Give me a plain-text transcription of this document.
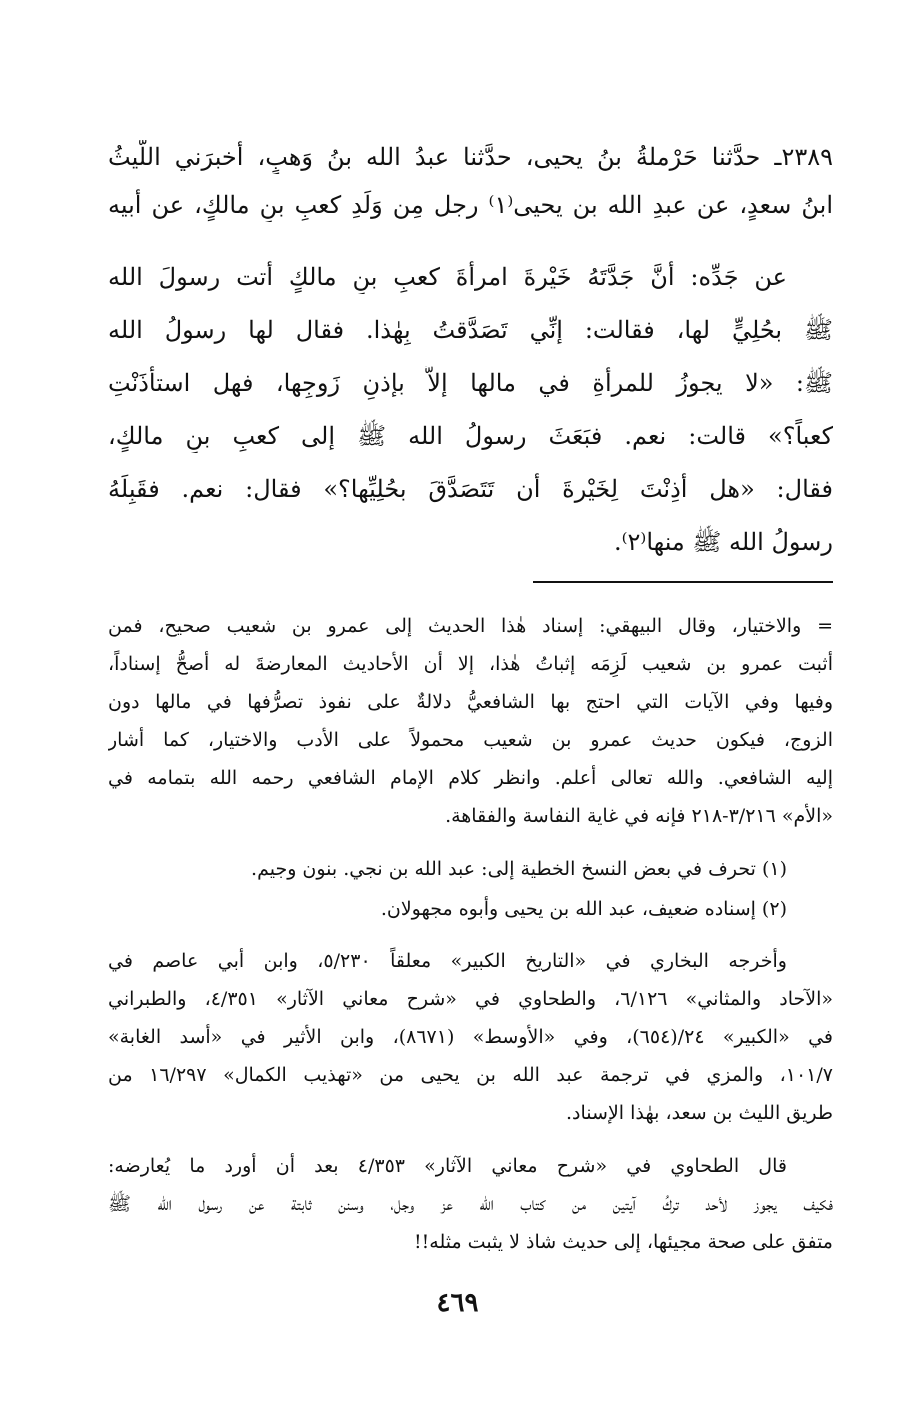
٢٣٨٩ـ حدَّثنا حَرْملةُ بنُ يحيى، حدَّثنا عبدُ الله بنُ وَهبٍ، أخبرَني اللَّيثُ
ابنُ سعدٍ، عن عبدِ الله بن يحيى⁽١⁾ رجل مِن وَلَدِ كعبِ بنِ مالكٍ، عن أبيه
عن جَدِّه: أنَّ جَدَّتَهُ خَيْرةَ امرأةَ كعبِ بنِ مالكٍ أتت رسولَ الله
ﷺ بحُلِيٍّ لها، فقالت: إنِّي تَصَدَّقتُ بِهٰذا. فقال لها رسولُ الله
ﷺ: «لا يجوزُ للمرأةِ في مالها إلاَّ بإذنِ زَوجِها، فهل استأذَنْتِ
كعباً؟» قالت: نعم. فبَعَثَ رسولُ الله ﷺ إلى كعبِ بنِ مالكٍ،
فقال: «هل أذِنْتَ لِخَيْرةَ أن تَتَصَدَّقَ بحُلِيِّها؟» فقال: نعم. فقَبِلَهُ
رسولُ الله ﷺ منها⁽٢⁾.
= والاختيار، وقال البيهقي: إسناد هٰذا الحديث إلى عمرو بن شعيب صحيح، فمن
أثبت عمرو بن شعيب لَزِمَه إثباتُ هٰذا، إلا أن الأحاديث المعارضةَ له أصحُّ إسناداً،
وفيها وفي الآيات التي احتج بها الشافعيُّ دلالةٌ على نفوذ تصرُّفها في مالها دون
الزوج، فيكون حديث عمرو بن شعيب محمولاً على الأدب والاختيار، كما أشار
إليه الشافعي. والله تعالى أعلم. وانظر كلام الإمام الشافعي رحمه الله بتمامه في
«الأم» ٣/٢١٦-٢١٨ فإنه في غاية النفاسة والفقاهة.
(١) تحرف في بعض النسخ الخطية إلى: عبد الله بن نجي. بنون وجيم.
(٢) إسناده ضعيف، عبد الله بن يحيى وأبوه مجهولان.
وأخرجه البخاري في «التاريخ الكبير» معلقاً ٥/٢٣٠، وابن أبي عاصم في
«الآحاد والمثاني» ٦/١٢٦، والطحاوي في «شرح معاني الآثار» ٤/٣٥١، والطبراني
في «الكبير» ٢٤/(٦٥٤)، وفي «الأوسط» (٨٦٧١)، وابن الأثير في «أسد الغابة»
١٠١/٧، والمزي في ترجمة عبد الله بن يحيى من «تهذيب الكمال» ١٦/٢٩٧ من
طريق الليث بن سعد، بهٰذا الإسناد.
قال الطحاوي في «شرح معاني الآثار» ٤/٣٥٣ بعد أن أورد ما يُعارضه:
فكيف يجوز لأحد تركُ آيتين من كتاب الله عز وجل، وسنن ثابتة عن رسول الله ﷺ
متفق على صحة مجيئها، إلى حديث شاذ لا يثبت مثله!!
٤٦٩
